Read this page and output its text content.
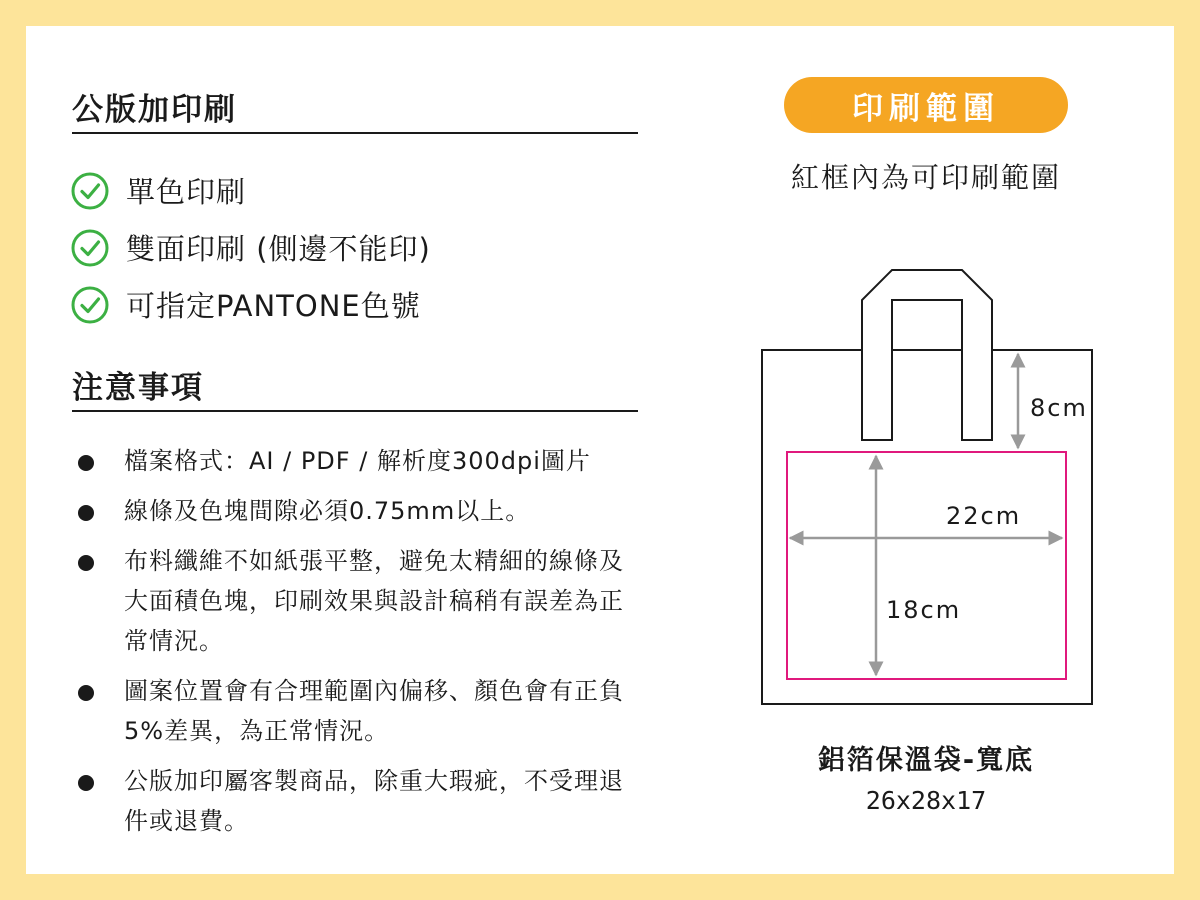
公版加印刷
單色印刷
雙面印刷 (側邊不能印)
可指定PANTONE色號
注意事項
檔案格式：AI / PDF / 解析度300dpi圖片
線條及色塊間隙必須0.75mm以上。
布料纖維不如紙張平整，避免太精細的線條及大面積色塊，印刷效果與設計稿稍有誤差為正常情況。
圖案位置會有合理範圍內偏移、顏色會有正負5%差異，為正常情況。
公版加印屬客製商品，除重大瑕疵，不受理退件或退費。
印刷範圍
紅框內為可印刷範圍
8cm
22cm
18cm
鋁箔保溫袋-寬底
26x28x17
